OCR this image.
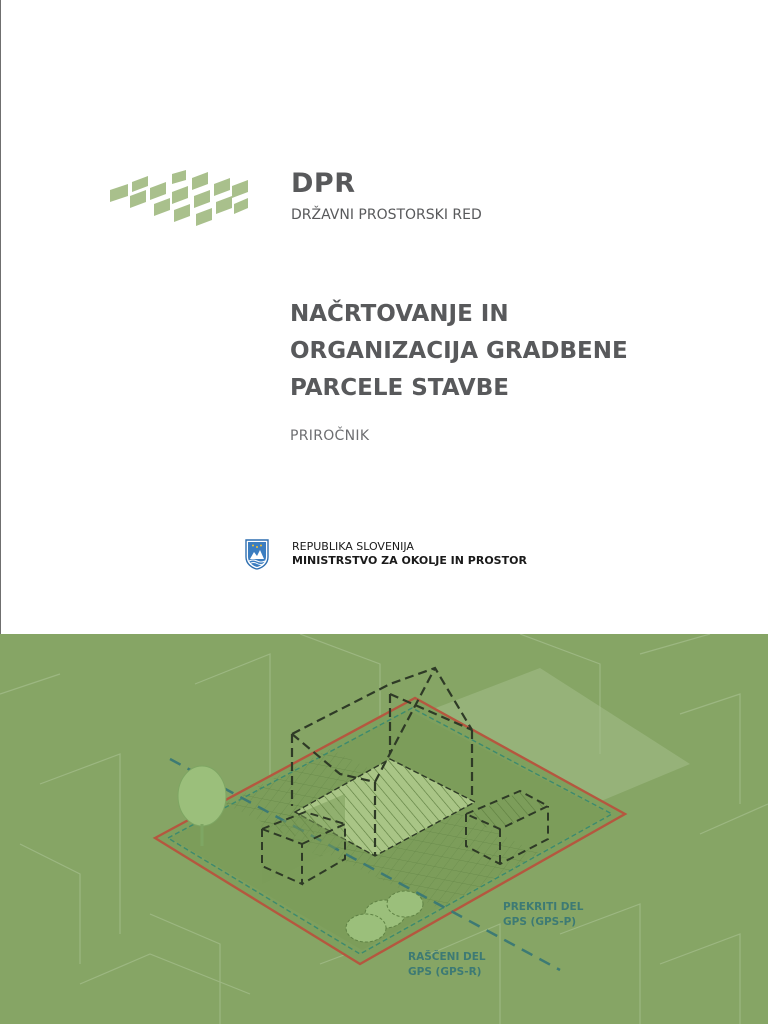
DPR
DRŽAVNI PROSTORSKI RED
NAČRTOVANJE IN
ORGANIZACIJA GRADBENE
PARCELE STAVBE
PRIROČNIK
REPUBLIKA SLOVENIJA
MINISTRSTVO ZA OKOLJE IN PROSTOR
PREKRITI DEL
GPS (GPS-P)
RAŠČENI DEL
GPS (GPS-R)
